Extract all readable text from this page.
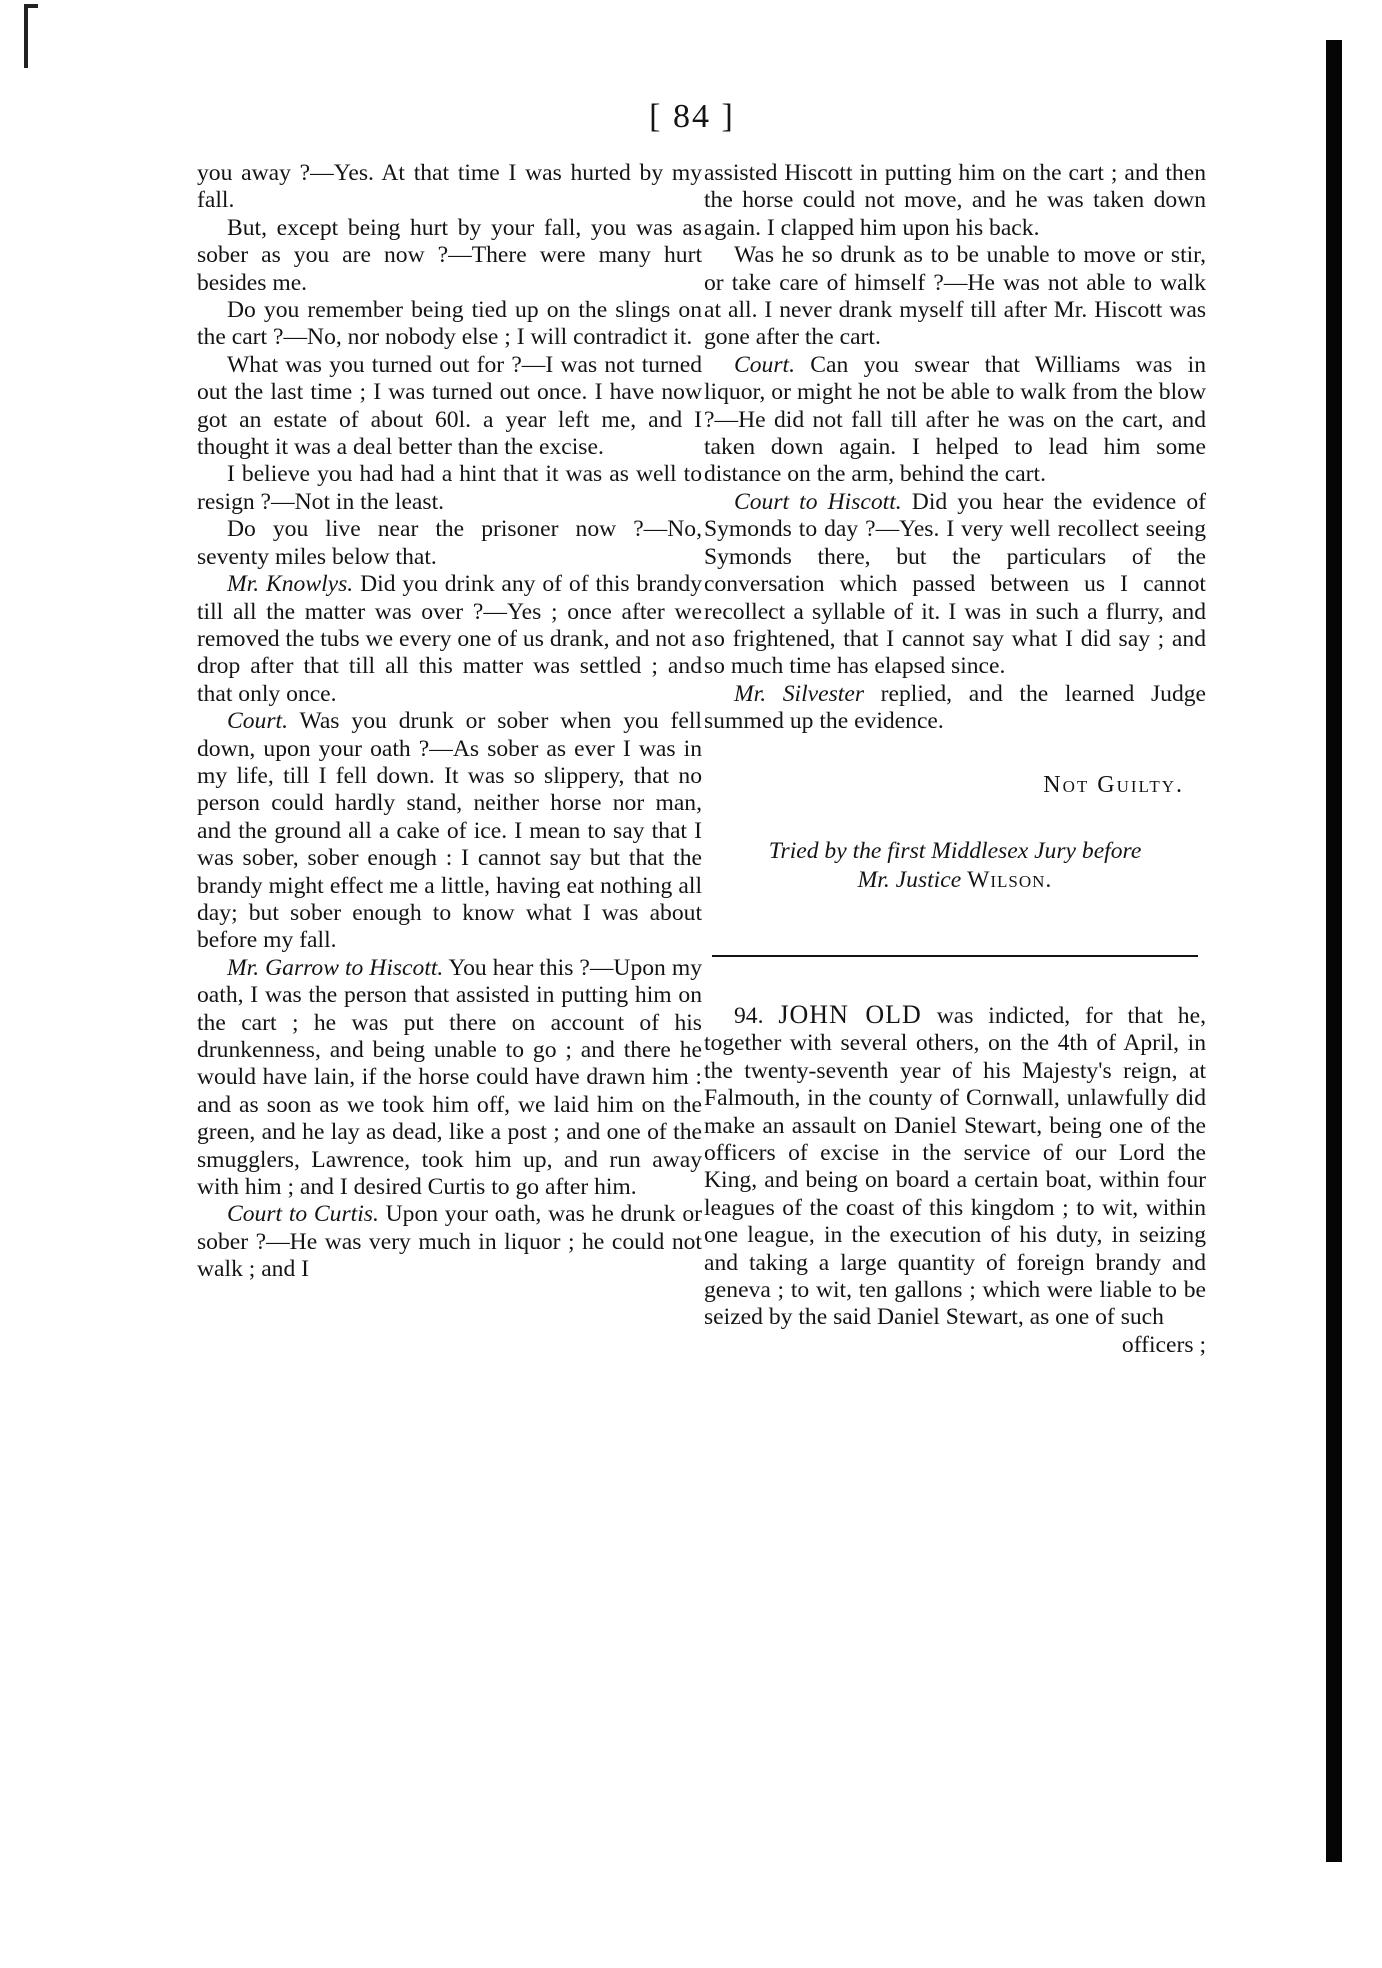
[ 84 ]

you away ?—Yes. At that time I was hurted by my fall.

But, except being hurt by your fall, you was as sober as you are now ?—There were many hurt besides me.

Do you remember being tied up on the slings on the cart ?—No, nor nobody else ; I will contradict it.

What was you turned out for ?—I was not turned out the last time ; I was turned out once. I have now got an estate of about 60l. a year left me, and I thought it was a deal better than the excise.

I believe you had had a hint that it was as well to resign ?—Not in the least.

Do you live near the prisoner now ?—No, seventy miles below that.

Mr. Knowlys. Did you drink any of of this brandy till all the matter was over ?—Yes ; once after we removed the tubs we every one of us drank, and not a drop after that till all this matter was settled ; and that only once.

Court. Was you drunk or sober when you fell down, upon your oath ?—As sober as ever I was in my life, till I fell down. It was so slippery, that no person could hardly stand, neither horse nor man, and the ground all a cake of ice. I mean to say that I was sober, sober enough : I cannot say but that the brandy might effect me a little, having eat nothing all day; but sober enough to know what I was about before my fall.

Mr. Garrow to Hiscott. You hear this ?—Upon my oath, I was the person that assisted in putting him on the cart ; he was put there on account of his drunkenness, and being unable to go ; and there he would have lain, if the horse could have drawn him : and as soon as we took him off, we laid him on the green, and he lay as dead, like a post ; and one of the smugglers, Lawrence, took him up, and run away with him ; and I desired Curtis to go after him.

Court to Curtis. Upon your oath, was he drunk or sober ?—He was very much in liquor ; he could not walk ; and I

assisted Hiscott in putting him on the cart ; and then the horse could not move, and he was taken down again. I clapped him upon his back.

Was he so drunk as to be unable to move or stir, or take care of himself ?—He was not able to walk at all. I never drank myself till after Mr. Hiscott was gone after the cart.

Court. Can you swear that Williams was in liquor, or might he not be able to walk from the blow ?—He did not fall till after he was on the cart, and taken down again. I helped to lead him some distance on the arm, behind the cart.

Court to Hiscott. Did you hear the evidence of Symonds to day ?—Yes. I very well recollect seeing Symonds there, but the particulars of the conversation which passed between us I cannot recollect a syllable of it. I was in such a flurry, and so frightened, that I cannot say what I did say ; and so much time has elapsed since.

Mr. Silvester replied, and the learned Judge summed up the evidence.

Not Guilty.

Tried by the first Middlesex Jury before
Mr. Justice Wilson.

94. JOHN OLD was indicted, for that he, together with several others, on the 4th of April, in the twenty-seventh year of his Majesty's reign, at Falmouth, in the county of Cornwall, unlawfully did make an assault on Daniel Stewart, being one of the officers of excise in the service of our Lord the King, and being on board a certain boat, within four leagues of the coast of this kingdom ; to wit, within one league, in the execution of his duty, in seizing and taking a large quantity of foreign brandy and geneva ; to wit, ten gallons ; which were liable to be seized by the said Daniel Stewart, as one of such

officers ;
